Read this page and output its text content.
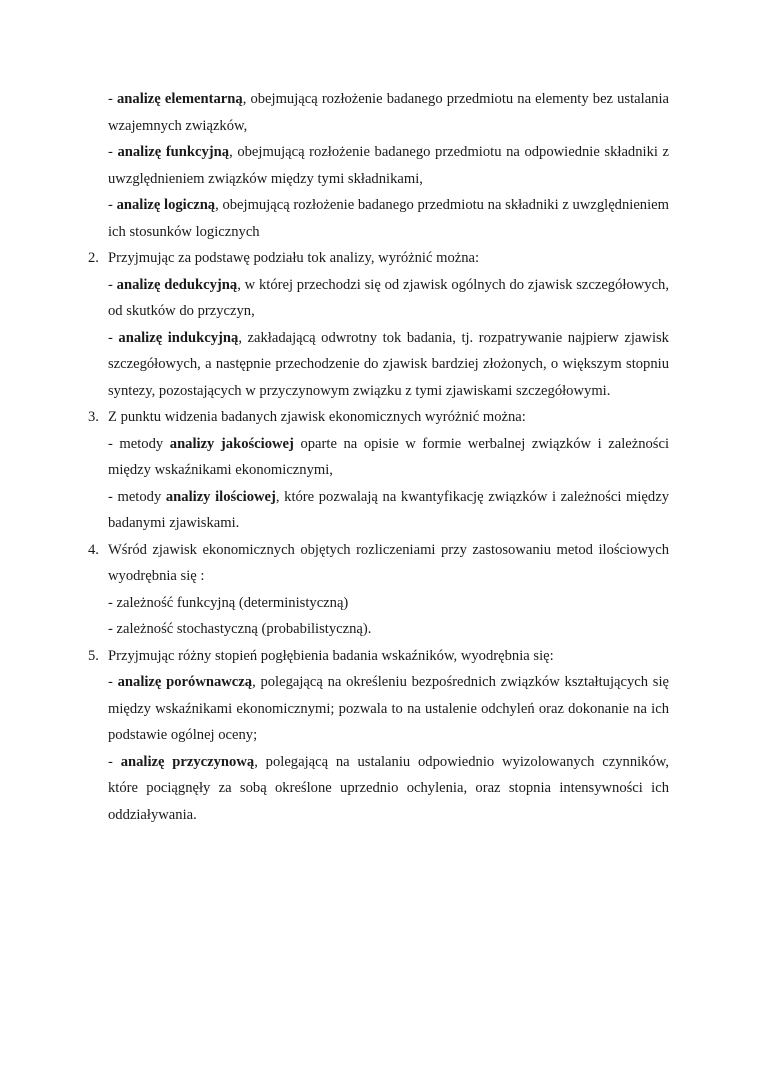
- analizę elementarną, obejmującą rozłożenie badanego przedmiotu na elementy bez ustalania wzajemnych związków,

- analizę funkcyjną, obejmującą rozłożenie badanego przedmiotu na odpowiednie składniki z uwzględnieniem związków między tymi składnikami,

- analizę logiczną, obejmującą rozłożenie badanego przedmiotu na składniki z uwzględnieniem ich stosunków logicznych

2. Przyjmując za podstawę podziału tok analizy, wyróżnić można:

- analizę dedukcyjną, w której przechodzi się od zjawisk ogólnych do zjawisk szczegółowych, od skutków do przyczyn,

- analizę indukcyjną, zakładającą odwrotny tok badania, tj. rozpatrywanie najpierw zjawisk szczegółowych, a następnie przechodzenie do zjawisk bardziej złożonych, o większym stopniu syntezy, pozostających w przyczynowym związku z tymi zjawiskami szczegółowymi.

3. Z punktu widzenia badanych zjawisk ekonomicznych wyróżnić można:

- metody analizy jakościowej oparte na opisie w formie werbalnej związków i zależności między wskaźnikami ekonomicznymi,

- metody analizy ilościowej, które pozwalają na kwantyfikację związków i zależności między badanymi zjawiskami.

4. Wśród zjawisk ekonomicznych objętych rozliczeniami przy zastosowaniu metod ilościowych wyodrębnia się :

- zależność funkcyjną (deterministyczną)

- zależność stochastyczną (probabilistyczną).

5. Przyjmując różny stopień pogłębienia badania wskaźników, wyodrębnia się:

- analizę porównawczą, polegającą na określeniu bezpośrednich związków kształtujących się między wskaźnikami ekonomicznymi; pozwala to na ustalenie odchyleń oraz dokonanie na ich podstawie ogólnej oceny;

- analizę przyczynową, polegającą na ustalaniu odpowiednio wyizolowanych czynników, które pociągnęły za sobą określone uprzednio ochylenia, oraz stopnia intensywności ich oddziaływania.
